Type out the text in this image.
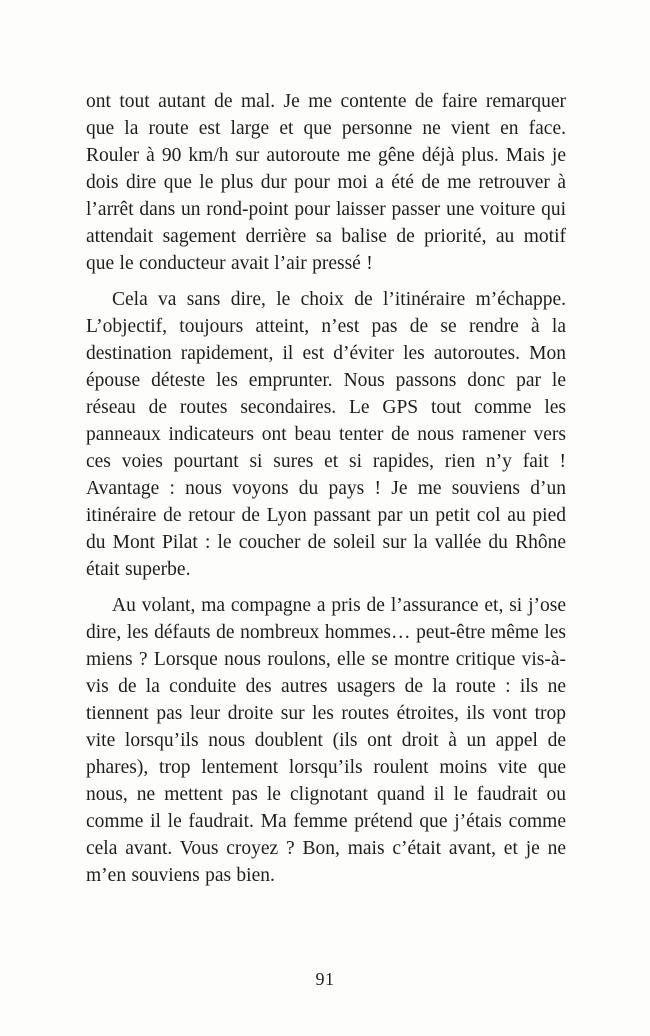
ont tout autant de mal. Je me contente de faire remarquer que la route est large et que personne ne vient en face. Rouler à 90 km/h sur autoroute me gêne déjà plus. Mais je dois dire que le plus dur pour moi a été de me retrouver à l’arrêt dans un rond-point pour laisser passer une voiture qui attendait sagement derrière sa balise de priorité, au motif que le conducteur avait l’air pressé !

Cela va sans dire, le choix de l’itinéraire m’échappe. L’objectif, toujours atteint, n’est pas de se rendre à la destination rapidement, il est d’éviter les autoroutes. Mon épouse déteste les emprunter. Nous passons donc par le réseau de routes secondaires. Le GPS tout comme les panneaux indicateurs ont beau tenter de nous ramener vers ces voies pourtant si sures et si rapides, rien n’y fait ! Avantage : nous voyons du pays ! Je me souviens d’un itinéraire de retour de Lyon passant par un petit col au pied du Mont Pilat : le coucher de soleil sur la vallée du Rhône était superbe.

Au volant, ma compagne a pris de l’assurance et, si j’ose dire, les défauts de nombreux hommes… peut-être même les miens ? Lorsque nous roulons, elle se montre critique vis-à-vis de la conduite des autres usagers de la route : ils ne tiennent pas leur droite sur les routes étroites, ils vont trop vite lorsqu’ils nous doublent (ils ont droit à un appel de phares), trop lentement lorsqu’ils roulent moins vite que nous, ne mettent pas le clignotant quand il le faudrait ou comme il le faudrait. Ma femme prétend que j’étais comme cela avant. Vous croyez ? Bon, mais c’était avant, et je ne m’en souviens pas bien.

91
